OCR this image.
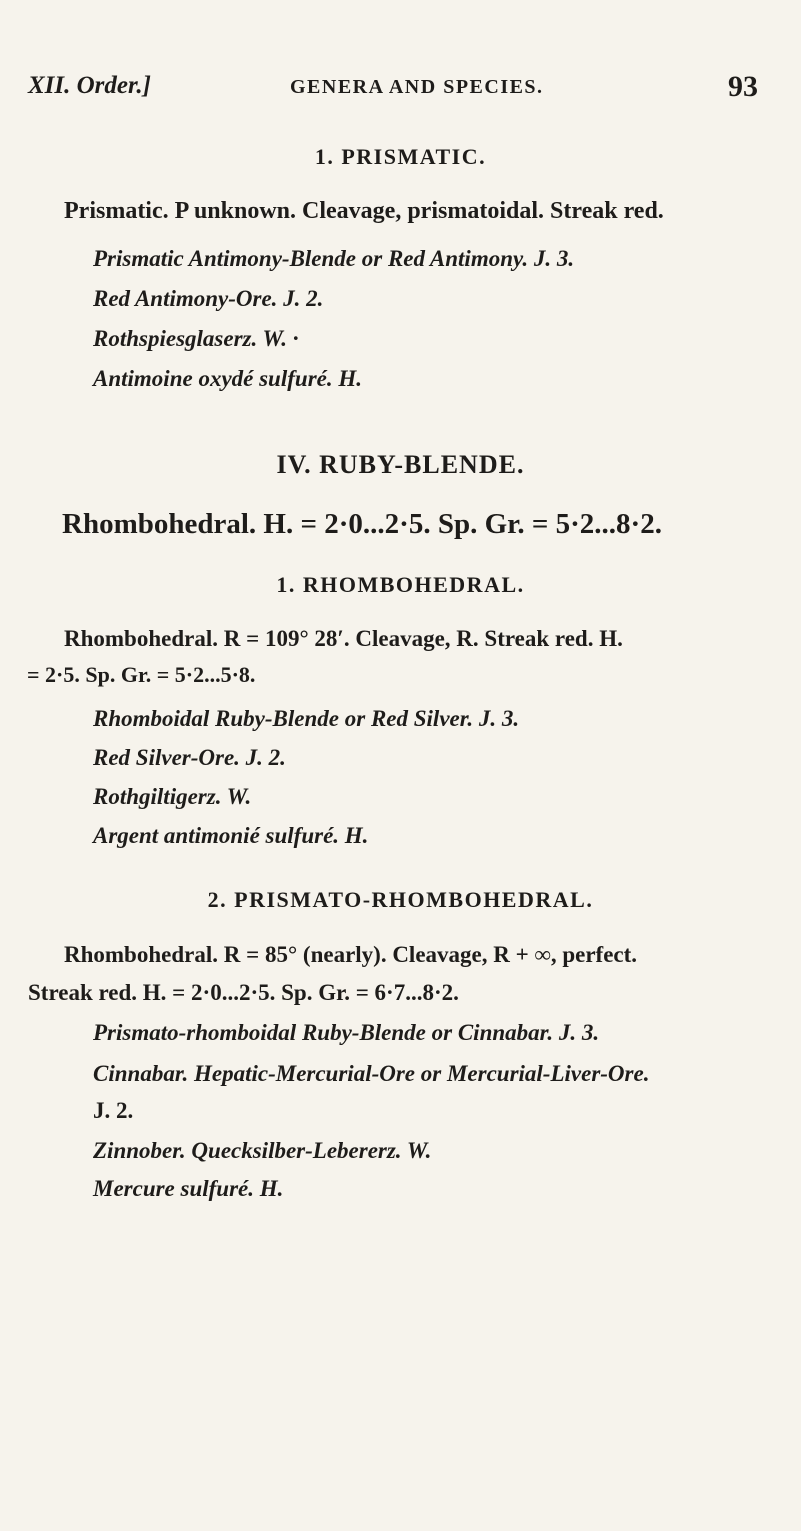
XII. Order.]	GENERA AND SPECIES.	93
1. PRISMATIC.
Prismatic. P unknown. Cleavage, prismatoidal. Streak red.
Prismatic Antimony-Blende or Red Antimony. J. 3.
Red Antimony-Ore. J. 2.
Rothspiesglaserz. W. ·
Antimoine oxydé sulfuré. H.
IV. RUBY-BLENDE.
Rhombohedral. H. = 2·0...2·5. Sp. Gr. = 5·2...8·2.
1. RHOMBOHEDRAL.
Rhombohedral. R = 109° 28′. Cleavage, R. Streak red. H.
= 2·5. Sp. Gr. = 5·2...5·8.
Rhomboidal Ruby-Blende or Red Silver. J. 3.
Red Silver-Ore. J. 2.
Rothgiltigerz. W.
Argent antimonié sulfuré. H.
2. PRISMATO-RHOMBOHEDRAL.
Rhombohedral. R = 85° (nearly). Cleavage, R + ∞, perfect.
Streak red. H. = 2·0...2·5. Sp. Gr. = 6·7...8·2.
Prismato-rhomboidal Ruby-Blende or Cinnabar. J. 3.
Cinnabar. Hepatic-Mercurial-Ore or Mercurial-Liver-Ore.
J. 2.
Zinnober. Quecksilber-Lebererz. W.
Mercure sulfuré. H.
